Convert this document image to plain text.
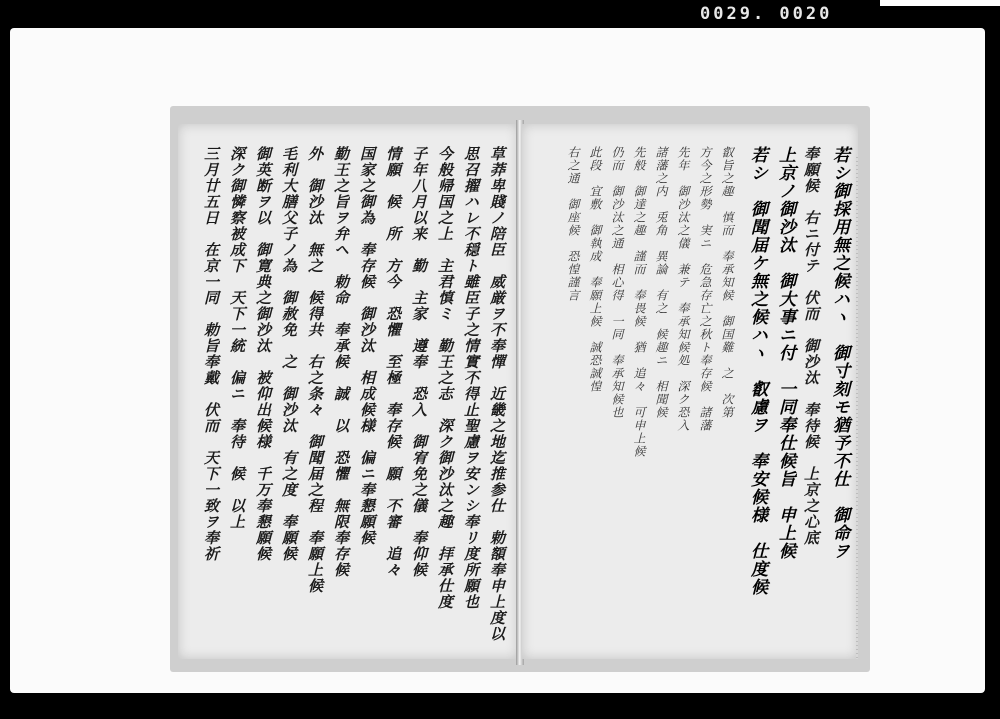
0029. 0020
草莽卑賤ノ陪臣　威厳ヲ不奉憚　近畿之地迄推参仕　勅額奉申上度以
思召擢ハレ不穏ト雖臣子之情實不得止聖慮ヲ安ンシ奉リ度所願也
今般帰国之上　主君慎ミ　勤王之志　深ク御沙汰之趣　拝承仕度
子年八月以来　勤　主家　遵奉　恐入　御宥免之儀　奉仰候
情願　候　所　方今　恐懼　至極　奉存候　願　不審　追々
国家之御為　奉存候　御沙汰　相成候様　偏ニ奉懇願候
勤王之旨ヲ弁ヘ　勅命　奉承候　誠　以　恐懼　無限奉存候
外　御沙汰　無之　候得共　右之条々　御聞届之程　奉願上候
毛利大膳父子ノ為　御赦免　之　御沙汰　有之度　奉願候
御英断ヲ以　御寛典之御沙汰　被仰出候様　千万奉懇願候
深ク御憐察被成下　天下一統　偏ニ　奉待　候　以上
三月廿五日　在京一同　勅旨奉戴　伏而　天下一致ヲ奉祈	若シ御採用無之候ハヽ　御寸刻モ猶予不仕　御命ヲ
奉願候　右ニ付テ　伏而　御沙汰　奉待候　上京之心底
上京ノ御沙汰　御大事ニ付　一同奉仕候旨　申上候
若シ　御聞届ケ無之候ハヽ　叡慮ヲ　奉安候様　仕度候
叡旨之趣　慎而　奉承知候　御国難　之　次第
方今之形勢　実ニ　危急存亡之秋ト奉存候　諸藩
先年　御沙汰之儀　兼テ　奉承知候処　深ク恐入
諸藩之内　兎角　異論　有之　候趣ニ　相聞候
先般　御達之趣　謹而　奉畏候　猶　追々　可申上候
仍而　御沙汰之通　相心得　一同　奉承知候也
此段　宜敷　御執成　奉願上候　誠恐誠惶
右之通　御座候　恐惶謹言
